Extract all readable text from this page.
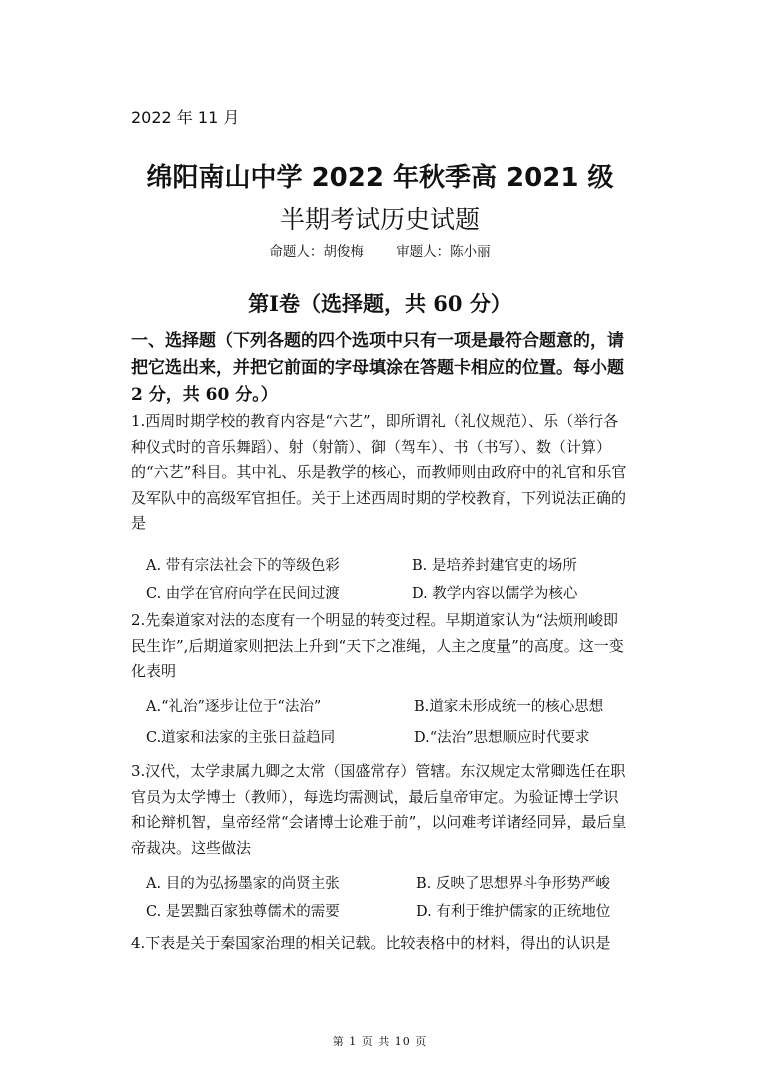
2022 年 11 月
绵阳南山中学 2022 年秋季高 2021 级
半期考试历史试题
命题人：胡俊梅 审题人：陈小丽
第Ⅰ卷（选择题，共 60 分）
一、选择题（下列各题的四个选项中只有一项是最符合题意的，请把它选出来，并把它前面的字母填涂在答题卡相应的位置。每小题 2 分，共 60 分。）
1.西周时期学校的教育内容是“六艺”，即所谓礼（礼仪规范）、乐（举行各种仪式时的音乐舞蹈）、射（射箭）、御（驾车）、书（书写）、数（计算）的“六艺”科目。其中礼、乐是教学的核心，而教师则由政府中的礼官和乐官及军队中的高级军官担任。关于上述西周时期的学校教育，下列说法正确的是
A. 带有宗法社会下的等级色彩	B. 是培养封建官吏的场所
C. 由学在官府向学在民间过渡	D. 教学内容以儒学为核心
2.先秦道家对法的态度有一个明显的转变过程。早期道家认为“法烦刑峻即民生诈”,后期道家则把法上升到“天下之准绳，人主之度量”的高度。这一变化表明
A.“礼治”逐步让位于“法治”	B.道家未形成统一的核心思想
C.道家和法家的主张日益趋同	D.“法治”思想顺应时代要求
3.汉代，太学隶属九卿之太常（国盛常存）管辖。东汉规定太常卿选任在职官员为太学博士（教师），每选均需测试，最后皇帝审定。为验证博士学识和论辩机智，皇帝经常“会诸博士论难于前”，以问难考详诸经同异，最后皇帝裁决。这些做法
A. 目的为弘扬墨家的尚贤主张	B. 反映了思想界斗争形势严峻
C. 是罢黜百家独尊儒术的需要	D. 有利于维护儒家的正统地位
4.下表是关于秦国家治理的相关记载。比较表格中的材料，得出的认识是
第 1 页 共 10 页
